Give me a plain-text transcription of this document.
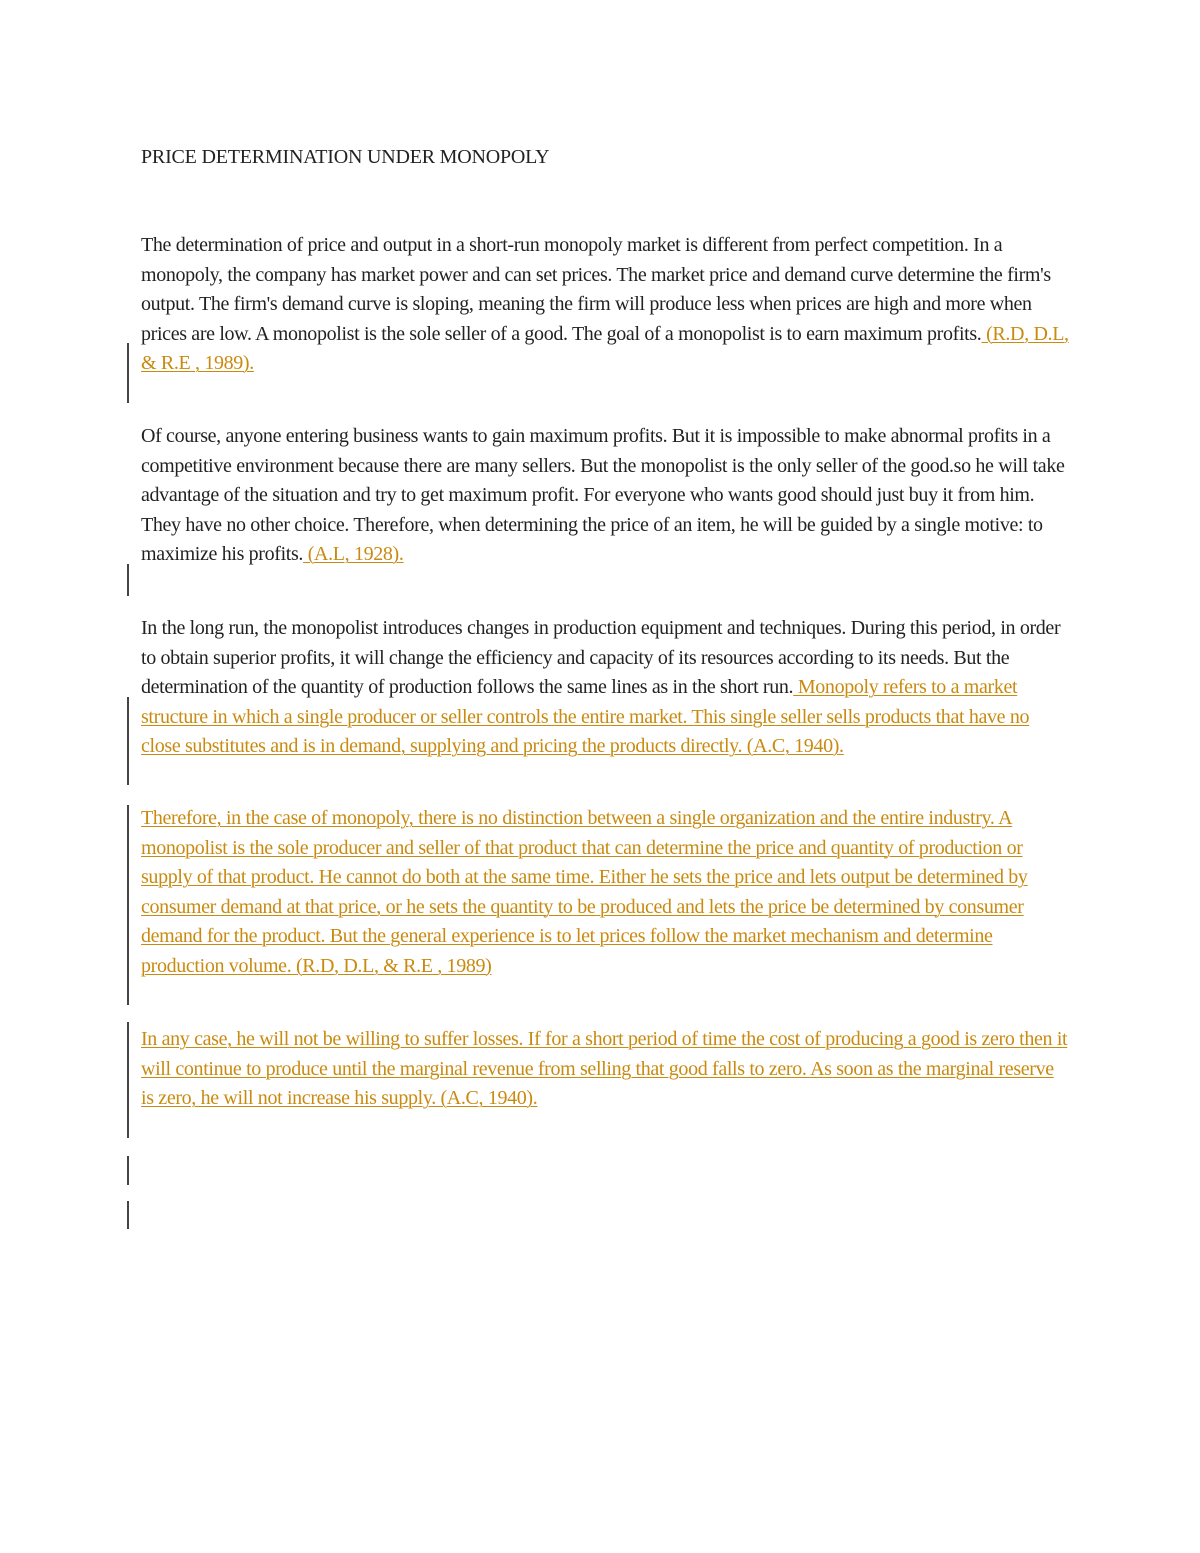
PRICE DETERMINATION UNDER MONOPOLY

The determination of price and output in a short-run monopoly market is different from perfect competition. In a monopoly, the company has market power and can set prices. The market price and demand curve determine the firm's output. The firm's demand curve is sloping, meaning the firm will produce less when prices are high and more when prices are low. A monopolist is the sole seller of a good. The goal of a monopolist is to earn maximum profits. (R.D, D.L, & R.E , 1989).

Of course, anyone entering business wants to gain maximum profits. But it is impossible to make abnormal profits in a competitive environment because there are many sellers. But the monopolist is the only seller of the good.so he will take advantage of the situation and try to get maximum profit. For everyone who wants good should just buy it from him. They have no other choice. Therefore, when determining the price of an item, he will be guided by a single motive: to maximize his profits. (A.L, 1928).

In the long run, the monopolist introduces changes in production equipment and techniques. During this period, in order to obtain superior profits, it will change the efficiency and capacity of its resources according to its needs. But the determination of the quantity of production follows the same lines as in the short run. Monopoly refers to a market structure in which a single producer or seller controls the entire market. This single seller sells products that have no close substitutes and is in demand, supplying and pricing the products directly. (A.C, 1940).

Therefore, in the case of monopoly, there is no distinction between a single organization and the entire industry. A monopolist is the sole producer and seller of that product that can determine the price and quantity of production or supply of that product. He cannot do both at the same time. Either he sets the price and lets output be determined by consumer demand at that price, or he sets the quantity to be produced and lets the price be determined by consumer demand for the product. But the general experience is to let prices follow the market mechanism and determine production volume. (R.D, D.L, & R.E , 1989)

In any case, he will not be willing to suffer losses. If for a short period of time the cost of producing a good is zero then it will continue to produce until the marginal revenue from selling that good falls to zero. As soon as the marginal reserve is zero, he will not increase his supply. (A.C, 1940).
